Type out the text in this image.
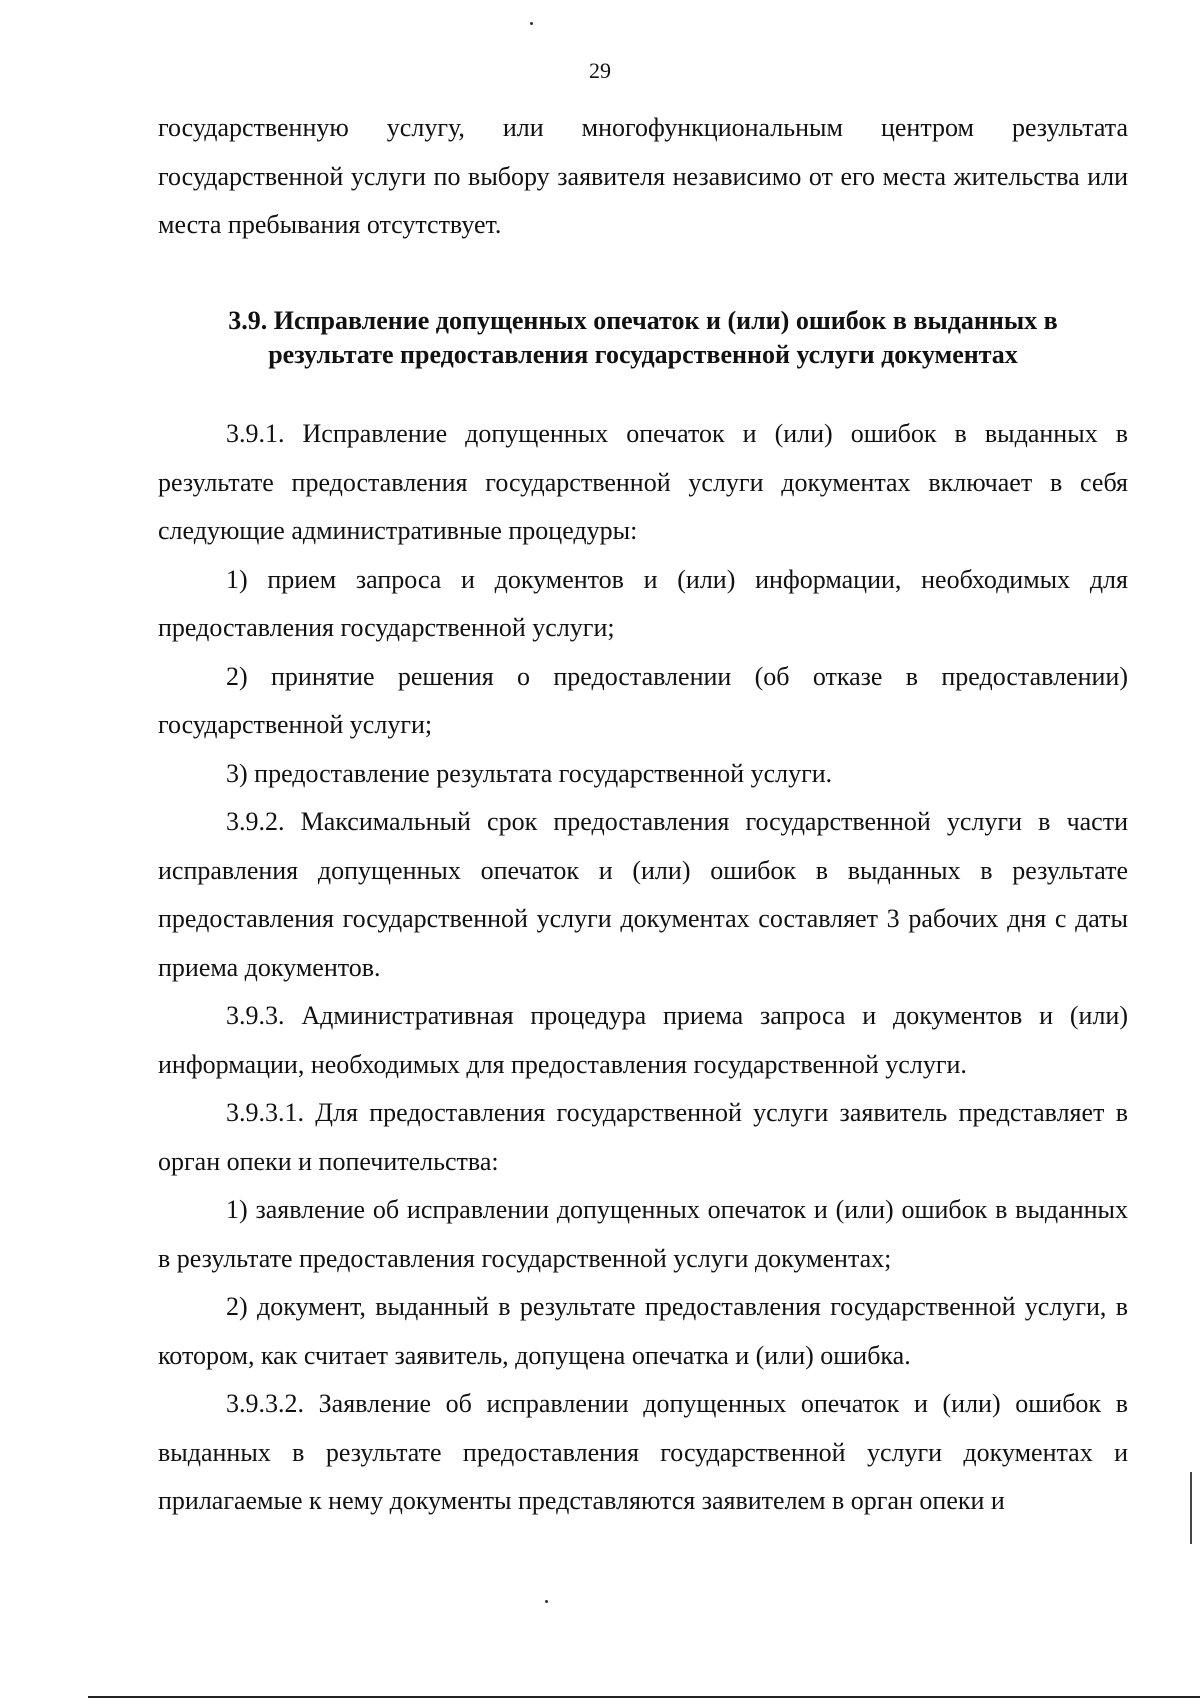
29

государственную услугу, или многофункциональным центром результата государственной услуги по выбору заявителя независимо от его места жительства или места пребывания отсутствует.

3.9. Исправление допущенных опечаток и (или) ошибок в выданных в
результате предоставления государственной услуги документах

3.9.1. Исправление допущенных опечаток и (или) ошибок в выданных в результате предоставления государственной услуги документах включает в себя следующие административные процедуры:

1) прием запроса и документов и (или) информации, необходимых для предоставления государственной услуги;

2) принятие решения о предоставлении (об отказе в предоставлении) государственной услуги;

3) предоставление результата государственной услуги.

3.9.2. Максимальный срок предоставления государственной услуги в части исправления допущенных опечаток и (или) ошибок в выданных в результате предоставления государственной услуги документах составляет 3 рабочих дня с даты приема документов.

3.9.3. Административная процедура приема запроса и документов и (или) информации, необходимых для предоставления государственной услуги.

3.9.3.1. Для предоставления государственной услуги заявитель представляет в орган опеки и попечительства:

1) заявление об исправлении допущенных опечаток и (или) ошибок в выданных в результате предоставления государственной услуги документах;

2) документ, выданный в результате предоставления государственной услуги, в котором, как считает заявитель, допущена опечатка и (или) ошибка.

3.9.3.2. Заявление об исправлении допущенных опечаток и (или) ошибок в выданных в результате предоставления государственной услуги документах и прилагаемые к нему документы представляются заявителем в орган опеки и
